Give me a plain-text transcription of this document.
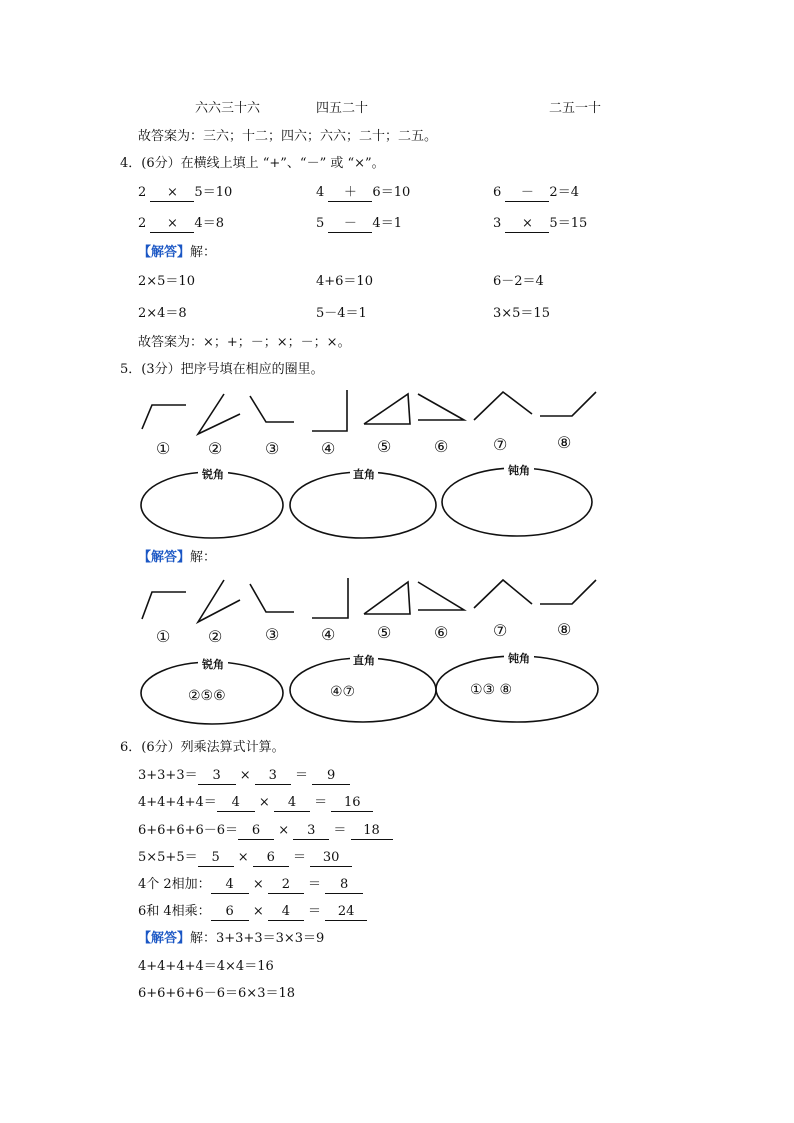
六六三十六	四五二十	二五一十
故答案为：三六；十二；四六；六六；二十；二五。
4．(6分）在横线上填上 “+”、“－” 或 “×”。
2 × 5＝10	4 ＋ 6＝10	6 － 2＝4
2 × 4＝8	5 － 4＝1	3 × 5＝15
【解答】解：
2×5＝10	4+6＝10	6－2＝4
2×4＝8	5－4＝1	3×5＝15
故答案为：×；+；－；×；－；×。
5．(3分）把序号填在相应的圈里。
① ②	③	④	⑤	⑥	⑦	⑧
锐角	直角	钝角
【解答】解：
① ②	③	④	⑤	⑥	⑦	⑧
锐角	直角	钝角
②⑤⑥	④⑦	①③ ⑧
6．(6分）列乘法算式计算。
3+3+3＝ 3 × 3 ＝ 9
4+4+4+4＝ 4 × 4 ＝ 16
6+6+6+6－6＝ 6 × 3 ＝ 18
5×5+5＝ 5 × 6 ＝ 30
4个 2相加： 4 × 2 ＝ 8
6和 4相乘： 6 × 4 ＝ 24
【解答】解：3+3+3＝3×3＝9
4+4+4+4＝4×4＝16
6+6+6+6－6＝6×3＝18
